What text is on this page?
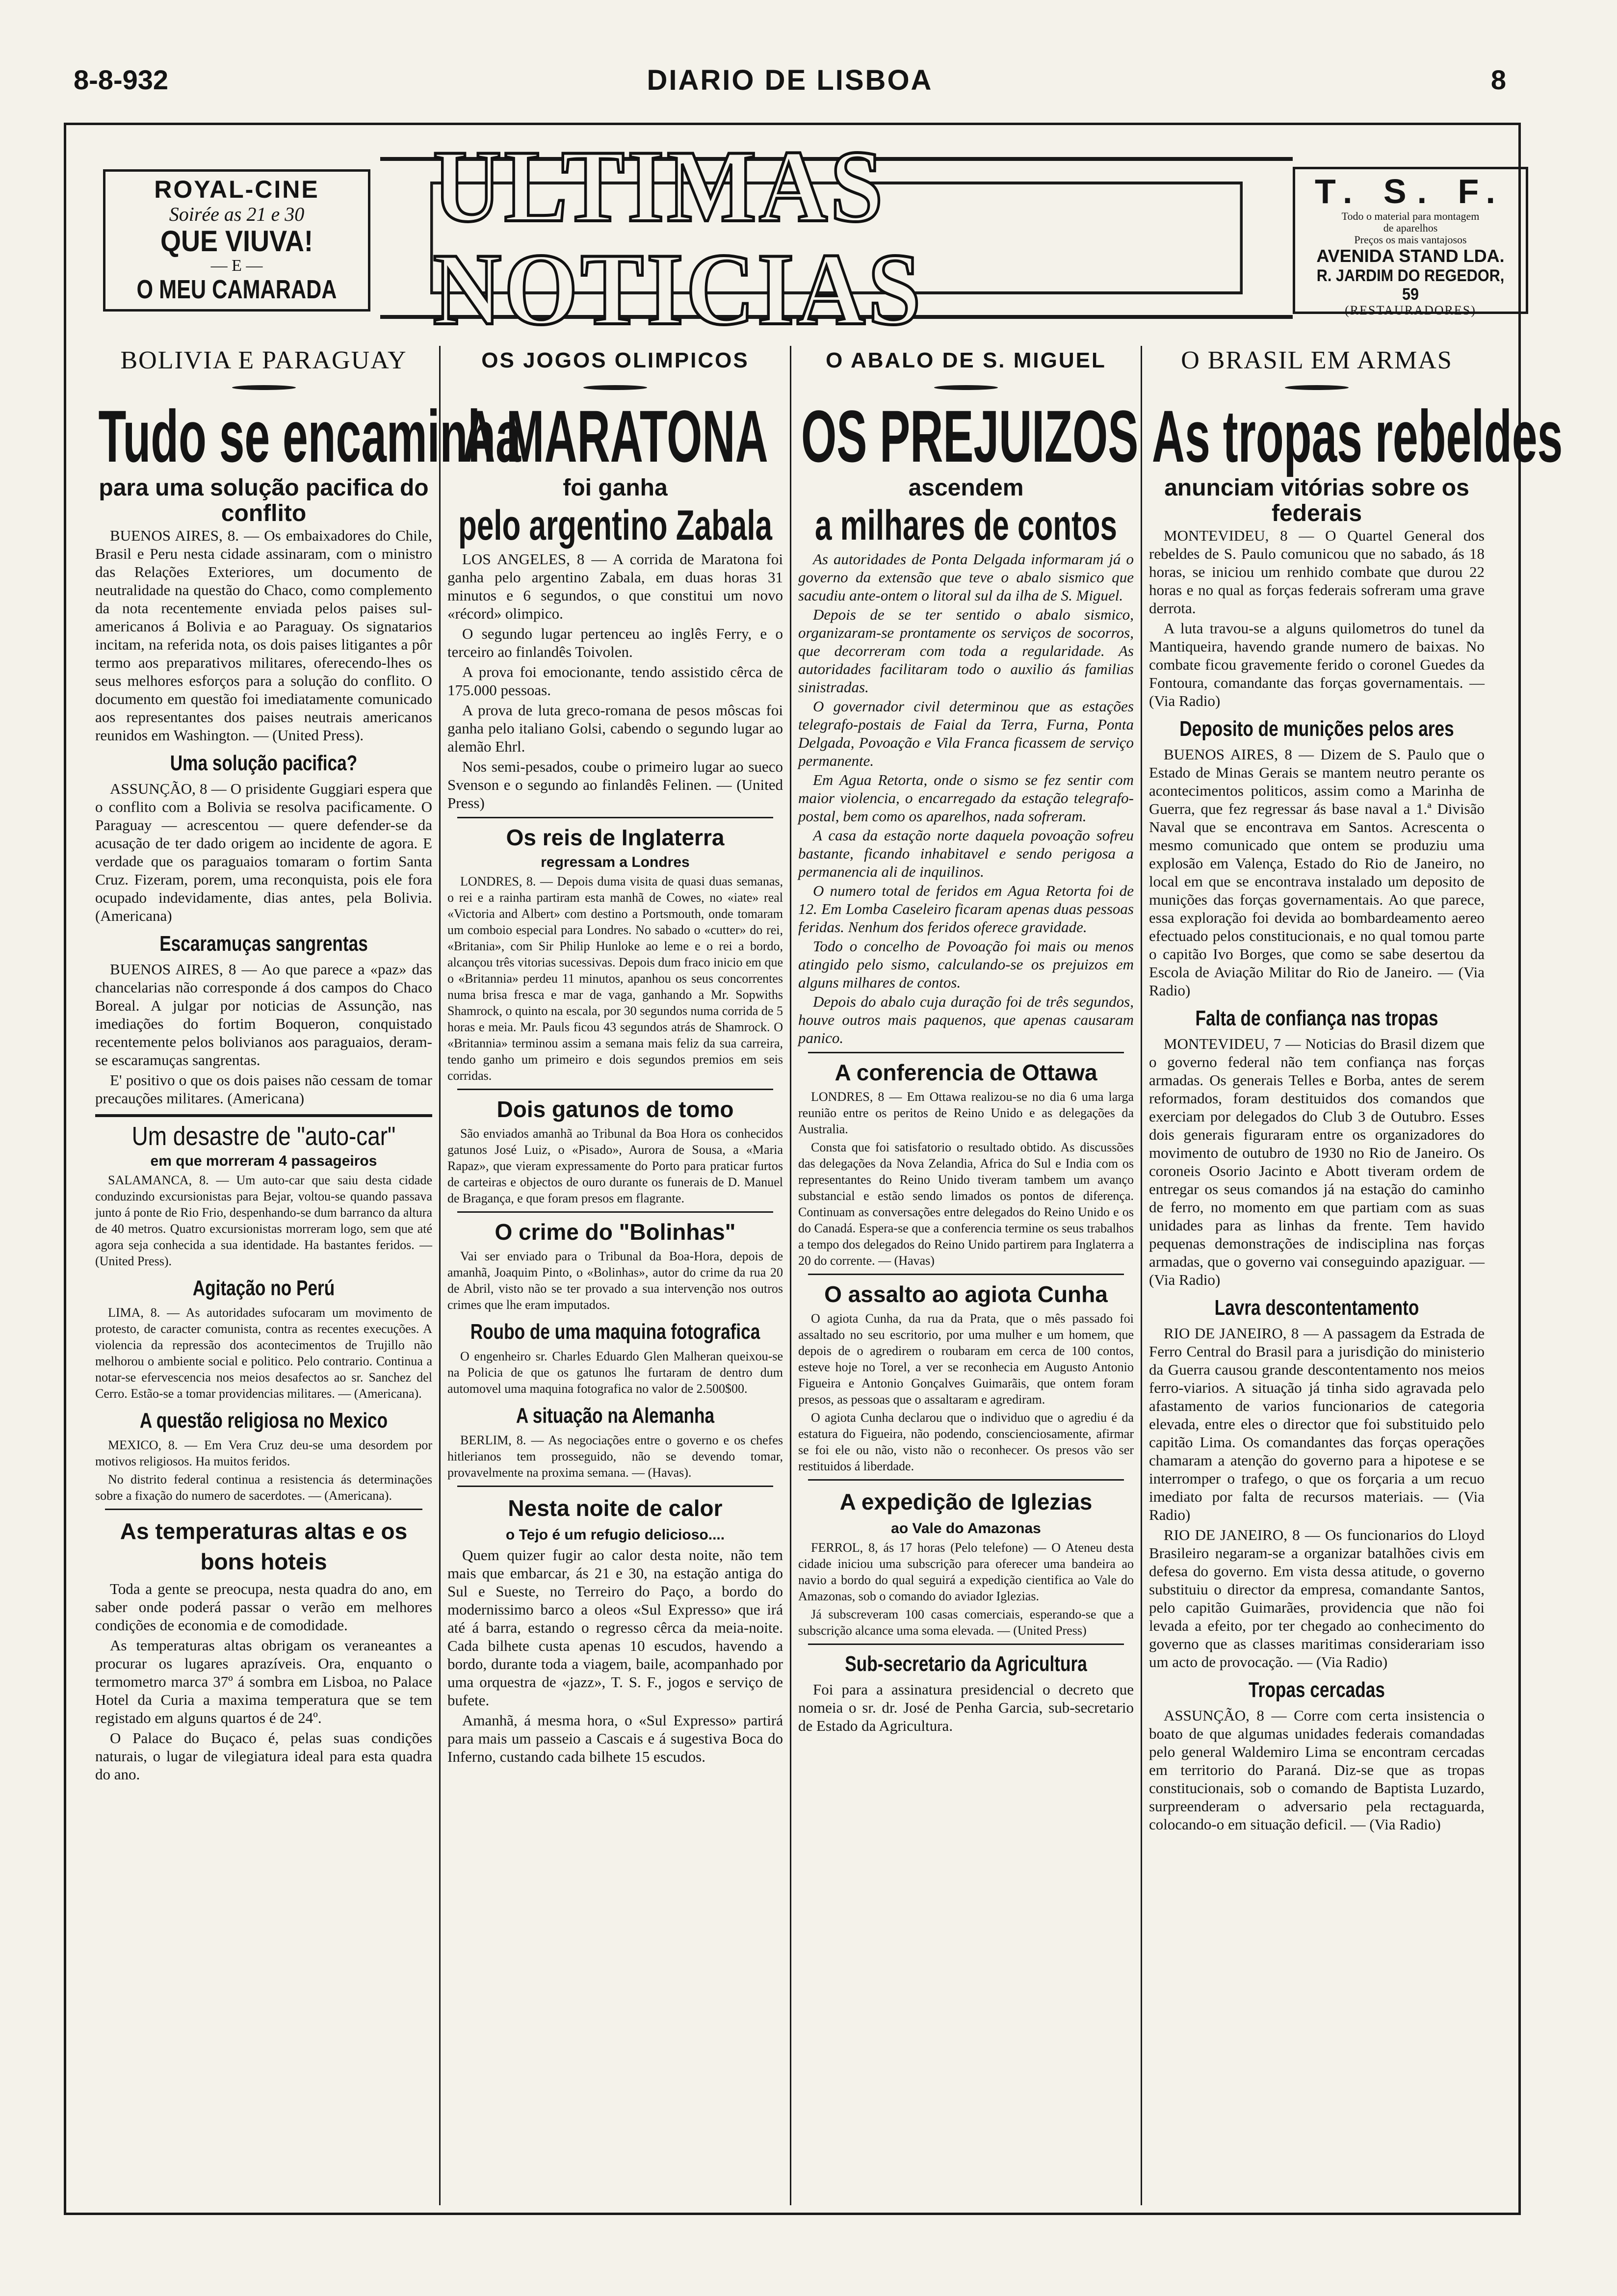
8-8-932	DIARIO DE LISBOA	8
ROYAL-CINE
Soirée as 21 e 30
QUE VIUVA!
— E —
O MEU CAMARADA
ULTIMAS NOTICIAS
T. S. F.
Todo o material para montagem
de aparelhos
Preços os mais vantajosos
AVENIDA STAND LDA.
R. JARDIM DO REGEDOR, 59
(RESTAURADORES)
BOLIVIA E PARAGUAY
Tudo se encaminha
para uma solução pacifica do conflito

BUENOS AIRES, 8. — Os embaixadores do Chile, Brasil e Peru nesta cidade assinaram, com o ministro das Relações Exteriores, um documento de neutralidade na questão do Chaco, como complemento da nota recentemente enviada pelos paises sul-americanos á Bolivia e ao Paraguay. Os signatarios incitam, na referida nota, os dois paises litigantes a pôr termo aos preparativos militares, oferecendo-lhes os seus melhores esforços para a solução do conflito. O documento em questão foi imediatamente comunicado aos representantes dos paises neutrais americanos reunidos em Washington. — (United Press).

Uma solução pacifica?

ASSUNÇÃO, 8 — O prisidente Guggiari espera que o conflito com a Bolivia se resolva pacificamente. O Paraguay — acrescentou — quere defender-se da acusação de ter dado origem ao incidente de agora. E verdade que os paraguaios tomaram o fortim Santa Cruz. Fizeram, porem, uma reconquista, pois ele fora ocupado indevidamente, dias antes, pela Bolivia. (Americana)

Escaramuças sangrentas

BUENOS AIRES, 8 — Ao que parece a «paz» das chancelarias não corresponde á dos campos do Chaco Boreal. A julgar por noticias de Assunção, nas imediações do fortim Boqueron, conquistado recentemente pelos bolivianos aos paraguaios, deram-se escaramuças sangrentas.

E' positivo o que os dois paises não cessam de tomar precauções militares. (Americana)

Um desastre de "auto-car"
em que morreram 4 passageiros

SALAMANCA, 8. — Um auto-car que saiu desta cidade conduzindo excursionistas para Bejar, voltou-se quando passava junto á ponte de Rio Frio, despenhando-se dum barranco da altura de 40 metros. Quatro excursionistas morreram logo, sem que até agora seja conhecida a sua identidade. Ha bastantes feridos. — (United Press).

Agitação no Perú

LIMA, 8. — As autoridades sufocaram um movimento de protesto, de caracter comunista, contra as recentes execuções. A violencia da repressão dos acontecimentos de Trujillo não melhorou o ambiente social e politico. Pelo contrario. Continua a notar-se efervescencia nos meios desafectos ao sr. Sanchez del Cerro. Estão-se a tomar providencias militares. — (Americana).

A questão religiosa no Mexico

MEXICO, 8. — Em Vera Cruz deu-se uma desordem por motivos religiosos. Ha muitos feridos.

No distrito federal continua a resistencia ás determinações sobre a fixação do numero de sacerdotes. — (Americana).

As temperaturas altas e os bons hoteis

Toda a gente se preocupa, nesta quadra do ano, em saber onde poderá passar o verão em melhores condições de economia e de comodidade.

As temperaturas altas obrigam os veraneantes a procurar os lugares aprazíveis. Ora, enquanto o termometro marca 37º á sombra em Lisboa, no Palace Hotel da Curia a maxima temperatura que se tem registado em alguns quartos é de 24º.

O Palace do Buçaco é, pelas suas condições naturais, o lugar de vilegiatura ideal para esta quadra do ano.

OS JOGOS OLIMPICOS
A MARATONA
foi ganha
pelo argentino Zabala

LOS ANGELES, 8 — A corrida de Maratona foi ganha pelo argentino Zabala, em duas horas 31 minutos e 6 segundos, o que constitui um novo «récord» olimpico.

O segundo lugar pertenceu ao inglês Ferry, e o terceiro ao finlandês Toivolen.

A prova foi emocionante, tendo assistido cêrca de 175.000 pessoas.

A prova de luta greco-romana de pesos môscas foi ganha pelo italiano Golsi, cabendo o segundo lugar ao alemão Ehrl.

Nos semi-pesados, coube o primeiro lugar ao sueco Svenson e o segundo ao finlandês Felinen. — (United Press)

Os reis de Inglaterra
regressam a Londres

LONDRES, 8. — Depois duma visita de quasi duas semanas, o rei e a rainha partiram esta manhã de Cowes, no «iate» real «Victoria and Albert» com destino a Portsmouth, onde tomaram um comboio especial para Londres. No sabado o «cutter» do rei, «Britania», com Sir Philip Hunloke ao leme e o rei a bordo, alcançou três vitorias sucessivas. Depois dum fraco inicio em que o «Britannia» perdeu 11 minutos, apanhou os seus concorrentes numa brisa fresca e mar de vaga, ganhando a Mr. Sopwiths Shamrock, o quinto na escala, por 30 segundos numa corrida de 5 horas e meia. Mr. Pauls ficou 43 segundos atrás de Shamrock. O «Britannia» terminou assim a semana mais feliz da sua carreira, tendo ganho um primeiro e dois segundos premios em seis corridas.

Dois gatunos de tomo

São enviados amanhã ao Tribunal da Boa Hora os conhecidos gatunos José Luiz, o «Pisado», Aurora de Sousa, a «Maria Rapaz», que vieram expressamente do Porto para praticar furtos de carteiras e objectos de ouro durante os funerais de D. Manuel de Bragança, e que foram presos em flagrante.

O crime do "Bolinhas"

Vai ser enviado para o Tribunal da Boa-Hora, depois de amanhã, Joaquim Pinto, o «Bolinhas», autor do crime da rua 20 de Abril, visto não se ter provado a sua intervenção nos outros crimes que lhe eram imputados.

Roubo de uma maquina fotografica

O engenheiro sr. Charles Eduardo Glen Malheran queixou-se na Policia de que os gatunos lhe furtaram de dentro dum automovel uma maquina fotografica no valor de 2.500$00.

A situação na Alemanha

BERLIM, 8. — As negociações entre o governo e os chefes hitlerianos tem prosseguido, não se devendo tomar, provavelmente na proxima semana. — (Havas).

Nesta noite de calor
o Tejo é um refugio delicioso....

Quem quizer fugir ao calor desta noite, não tem mais que embarcar, ás 21 e 30, na estação antiga do Sul e Sueste, no Terreiro do Paço, a bordo do modernissimo barco a oleos «Sul Expresso» que irá até á barra, estando o regresso cêrca da meia-noite. Cada bilhete custa apenas 10 escudos, havendo a bordo, durante toda a viagem, baile, acompanhado por uma orquestra de «jazz», T. S. F., jogos e serviço de bufete.

Amanhã, á mesma hora, o «Sul Expresso» partirá para mais um passeio a Cascais e á sugestiva Boca do Inferno, custando cada bilhete 15 escudos.

O ABALO DE S. MIGUEL
OS PREJUIZOS
ascendem
a milhares de contos

As autoridades de Ponta Delgada informaram já o governo da extensão que teve o abalo sismico que sacudiu ante-ontem o litoral sul da ilha de S. Miguel.

Depois de se ter sentido o abalo sismico, organizaram-se prontamente os serviços de socorros, que decorreram com toda a regularidade. As autoridades facilitaram todo o auxilio ás familias sinistradas.

O governador civil determinou que as estações telegrafo-postais de Faial da Terra, Furna, Ponta Delgada, Povoação e Vila Franca ficassem de serviço permanente.

Em Agua Retorta, onde o sismo se fez sentir com maior violencia, o encarregado da estação telegrafo-postal, bem como os aparelhos, nada sofreram.

A casa da estação norte daquela povoação sofreu bastante, ficando inhabitavel e sendo perigosa a permanencia ali de inquilinos.

O numero total de feridos em Agua Retorta foi de 12. Em Lomba Caseleiro ficaram apenas duas pessoas feridas. Nenhum dos feridos oferece gravidade.

Todo o concelho de Povoação foi mais ou menos atingido pelo sismo, calculando-se os prejuizos em alguns milhares de contos.

Depois do abalo cuja duração foi de três segundos, houve outros mais paquenos, que apenas causaram panico.

A conferencia de Ottawa

LONDRES, 8 — Em Ottawa realizou-se no dia 6 uma larga reunião entre os peritos de Reino Unido e as delegações da Australia.

Consta que foi satisfatorio o resultado obtido. As discussões das delegações da Nova Zelandia, Africa do Sul e India com os representantes do Reino Unido tiveram tambem um avanço substancial e estão sendo limados os pontos de diferença. Continuam as conversações entre delegados do Reino Unido e os do Canadá. Espera-se que a conferencia termine os seus trabalhos a tempo dos delegados do Reino Unido partirem para Inglaterra a 20 do corrente. — (Havas)

O assalto ao agiota Cunha

O agiota Cunha, da rua da Prata, que o mês passado foi assaltado no seu escritorio, por uma mulher e um homem, que depois de o agredirem o roubaram em cerca de 100 contos, esteve hoje no Torel, a ver se reconhecia em Augusto Antonio Figueira e Antonio Gonçalves Guimarãis, que ontem foram presos, as pessoas que o assaltaram e agrediram.

O agiota Cunha declarou que o individuo que o agrediu é da estatura do Figueira, não podendo, conscienciosamente, afirmar se foi ele ou não, visto não o reconhecer. Os presos vão ser restituidos á liberdade.

A expedição de Iglezias
ao Vale do Amazonas

FERROL, 8, ás 17 horas (Pelo telefone) — O Ateneu desta cidade iniciou uma subscrição para oferecer uma bandeira ao navio a bordo do qual seguirá a expedição cientifica ao Vale do Amazonas, sob o comando do aviador Iglezias.

Já subscreveram 100 casas comerciais, esperando-se que a subscrição alcance uma soma elevada. — (United Press)

Sub-secretario da Agricultura

Foi para a assinatura presidencial o decreto que nomeia o sr. dr. José de Penha Garcia, sub-secretario de Estado da Agricultura.

O BRASIL EM ARMAS
As tropas rebeldes
anunciam vitórias sobre os federais

MONTEVIDEU, 8 — O Quartel General dos rebeldes de S. Paulo comunicou que no sabado, ás 18 horas, se iniciou um renhido combate que durou 22 horas e no qual as forças federais sofreram uma grave derrota.

A luta travou-se a alguns quilometros do tunel da Mantiqueira, havendo grande numero de baixas. No combate ficou gravemente ferido o coronel Guedes da Fontoura, comandante das forças governamentais. — (Via Radio)

Deposito de munições pelos ares

BUENOS AIRES, 8 — Dizem de S. Paulo que o Estado de Minas Gerais se mantem neutro perante os acontecimentos politicos, assim como a Marinha de Guerra, que fez regressar ás base naval a 1.ª Divisão Naval que se encontrava em Santos. Acrescenta o mesmo comunicado que ontem se produziu uma explosão em Valença, Estado do Rio de Janeiro, no local em que se encontrava instalado um deposito de munições das forças governamentais. Ao que parece, essa exploração foi devida ao bombardeamento aereo efectuado pelos constitucionais, e no qual tomou parte o capitão Ivo Borges, que como se sabe desertou da Escola de Aviação Militar do Rio de Janeiro. — (Via Radio)

Falta de confiança nas tropas

MONTEVIDEU, 7 — Noticias do Brasil dizem que o governo federal não tem confiança nas forças armadas. Os generais Telles e Borba, antes de serem reformados, foram destituidos dos comandos que exerciam por delegados do Club 3 de Outubro. Esses dois generais figuraram entre os organizadores do movimento de outubro de 1930 no Rio de Janeiro. Os coroneis Osorio Jacinto e Abott tiveram ordem de entregar os seus comandos já na estação do caminho de ferro, no momento em que partiam com as suas unidades para as linhas da frente. Tem havido pequenas demonstrações de indisciplina nas forças armadas, que o governo vai conseguindo apaziguar. — (Via Radio)

Lavra descontentamento

RIO DE JANEIRO, 8 — A passagem da Estrada de Ferro Central do Brasil para a jurisdição do ministerio da Guerra causou grande descontentamento nos meios ferro-viarios. A situação já tinha sido agravada pelo afastamento de varios funcionarios de categoria elevada, entre eles o director que foi substituido pelo capitão Lima. Os comandantes das forças operações chamaram a atenção do governo para a hipotese e se interromper o trafego, o que os forçaria a um recuo imediato por falta de recursos materiais. — (Via Radio)

RIO DE JANEIRO, 8 — Os funcionarios do Lloyd Brasileiro negaram-se a organizar batalhões civis em defesa do governo. Em vista dessa atitude, o governo substituiu o director da empresa, comandante Santos, pelo capitão Guimarães, providencia que não foi levada a efeito, por ter chegado ao conhecimento do governo que as classes maritimas considerariam isso um acto de provocação. — (Via Radio)

Tropas cercadas

ASSUNÇÃO, 8 — Corre com certa insistencia o boato de que algumas unidades federais comandadas pelo general Waldemiro Lima se encontram cercadas em territorio do Paraná. Diz-se que as tropas constitucionais, sob o comando de Baptista Luzardo, surpreenderam o adversario pela rectaguarda, colocando-o em situação deficil. — (Via Radio)
